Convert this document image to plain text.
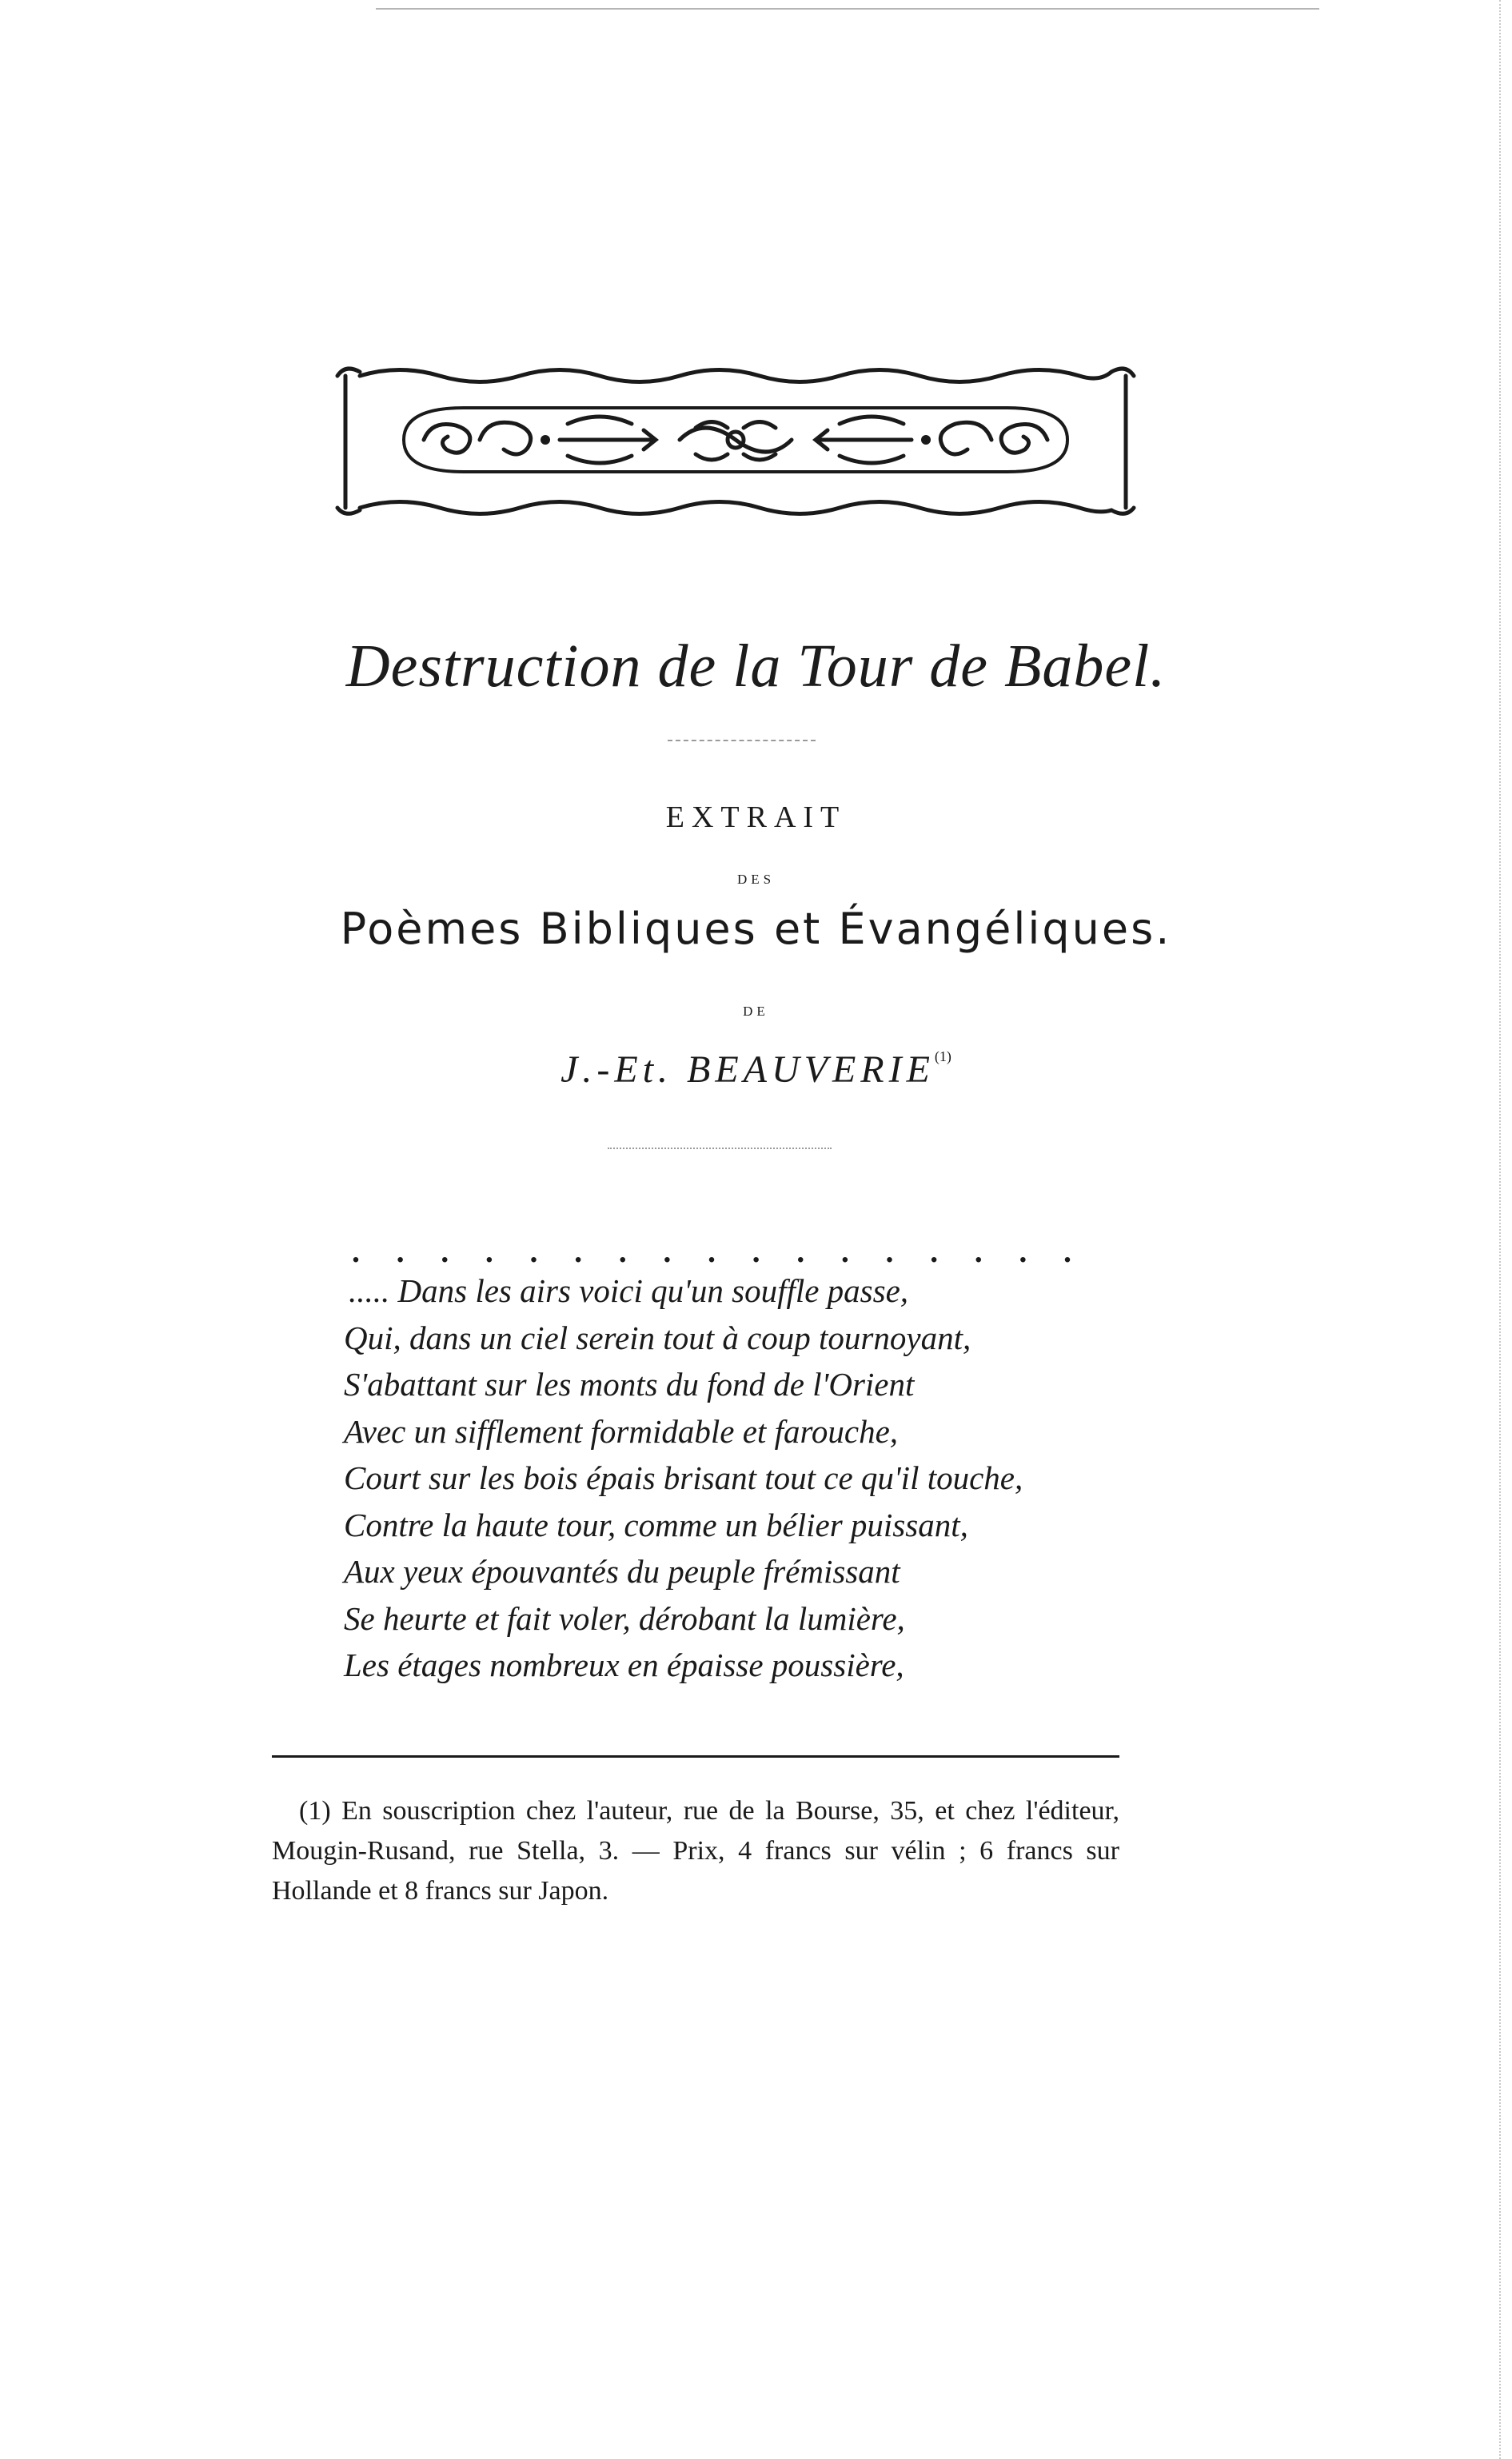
Destruction de la Tour de Babel.
EXTRAIT
DES
Poèmes Bibliques et Évangéliques.
DE
J.-Et. BEAUVERIE$^{(1)}$
. . . . . . . . . . . . . . . . .
..... Dans les airs voici qu'un souffle passe,
Qui, dans un ciel serein tout à coup tournoyant,
S'abattant sur les monts du fond de l'Orient
Avec un sifflement formidable et farouche,
Court sur les bois épais brisant tout ce qu'il touche,
Contre la haute tour, comme un bélier puissant,
Aux yeux épouvantés du peuple frémissant
Se heurte et fait voler, dérobant la lumière,
Les étages nombreux en épaisse poussière,
(1) En souscription chez l'auteur, rue de la Bourse, 35, et chez l'éditeur, Mougin-Rusand, rue Stella, 3. — Prix, 4 francs sur vélin ; 6 francs sur Hollande et 8 francs sur Japon.
